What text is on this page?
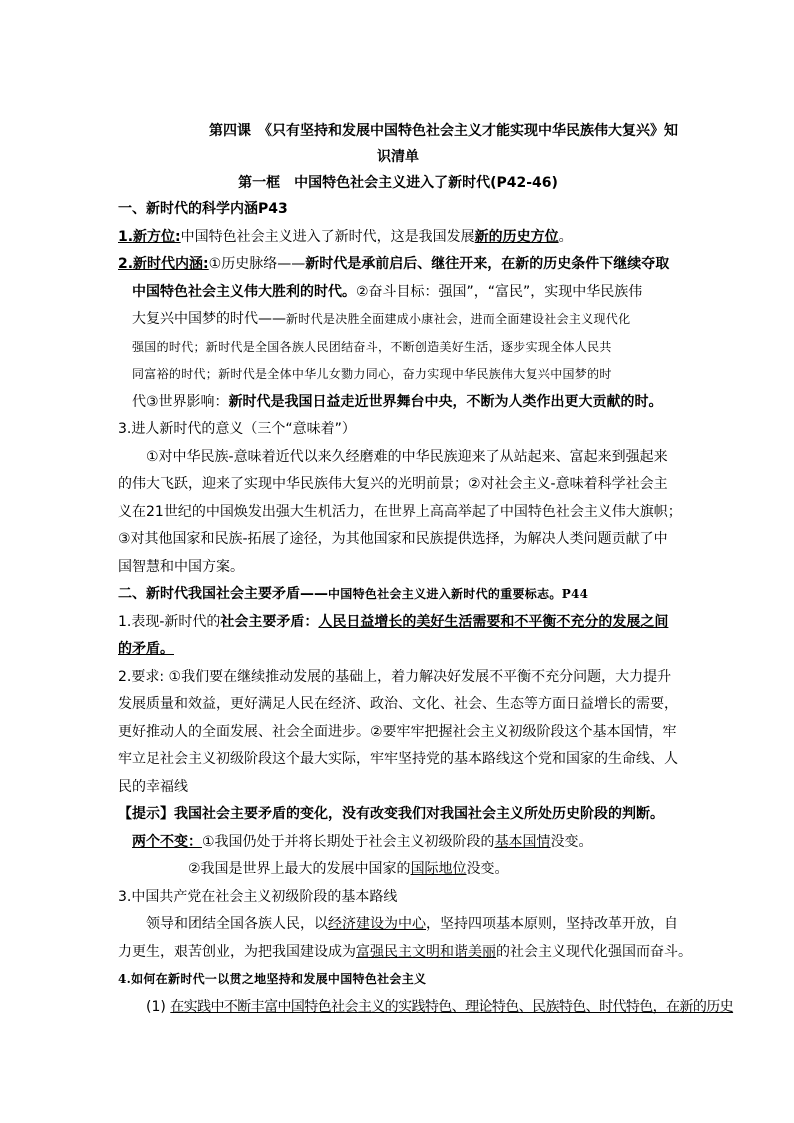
第四课　《只有坚持和发展中国特色社会主义才能实现中华民族伟大复兴》知

识清单

第一框　中国特色社会主义进入了新时代(P42-46)

一、新时代的科学内涵P43

1.新方位:中国特色社会主义进入了新时代，这是我国发展新的历史方位。

2.新时代内涵:①历史脉络——新时代是承前启后、继往开来，在新的历史条件下继续夺取

中国特色社会主义伟大胜利的时代。②奋斗目标：强国”，“富民”，实现中华民族伟

大复兴中国梦的时代——新时代是决胜全面建成小康社会，进而全面建设社会主义现代化

强国的时代；新时代是全国各族人民团结奋斗，不断创造美好生活，逐步实现全体人民共

同富裕的时代；新时代是全体中华儿女勠力同心，奋力实现中华民族伟大复兴中国梦的时

代③世界影响：新时代是我国日益走近世界舞台中央，不断为人类作出更大贡献的时。

3.进人新时代的意义（三个“意味着”）

①对中华民族-意味着近代以来久经磨难的中华民族迎来了从站起来、富起来到强起来

的伟大飞跃，迎来了实现中华民族伟大复兴的光明前景；②对社会主义-意味着科学社会主

义在21世纪的中国焕发出强大生机活力，在世界上高高举起了中国特色社会主义伟大旗帜；

③对其他国家和民族-拓展了途径，为其他国家和民族提供选择，为解决人类问题贡献了中

国智慧和中国方案。

二、新时代我国社会主要矛盾——中国特色社会主义进入新时代的重要标志。P44

1.表现-新时代的社会主要矛盾：人民日益增长的美好生活需要和不平衡不充分的发展之间

的矛盾。

2.要求: ①我们要在继续推动发展的基础上，着力解决好发展不平衡不充分问题，大力提升

发展质量和效益，更好满足人民在经济、政治、文化、社会、生态等方面日益增长的需要，

更好推动人的全面发展、社会全面进步。②要牢牢把握社会主义初级阶段这个基本国情，牢

牢立足社会主义初级阶段这个最大实际，牢牢坚持党的基本路线这个党和国家的生命线、人

民的幸福线

【提示】我国社会主要矛盾的变化，没有改变我们对我国社会主义所处历史阶段的判断。

两个不变：①我国仍处于并将长期处于社会主义初级阶段的基本国情没变。

②我国是世界上最大的发展中国家的国际地位没变。

3.中国共产党在社会主义初级阶段的基本路线

领导和团结全国各族人民，以经济建设为中心，坚持四项基本原则，坚持改革开放，自

力更生，艰苦创业，为把我国建设成为富强民主文明和谐美丽的社会主义现代化强国而奋斗。

4.如何在新时代一以贯之地坚持和发展中国特色社会主义

(1) 在实践中不断丰富中国特色社会主义的实践特色、理论特色、民族特色、时代特色，在新的历史
